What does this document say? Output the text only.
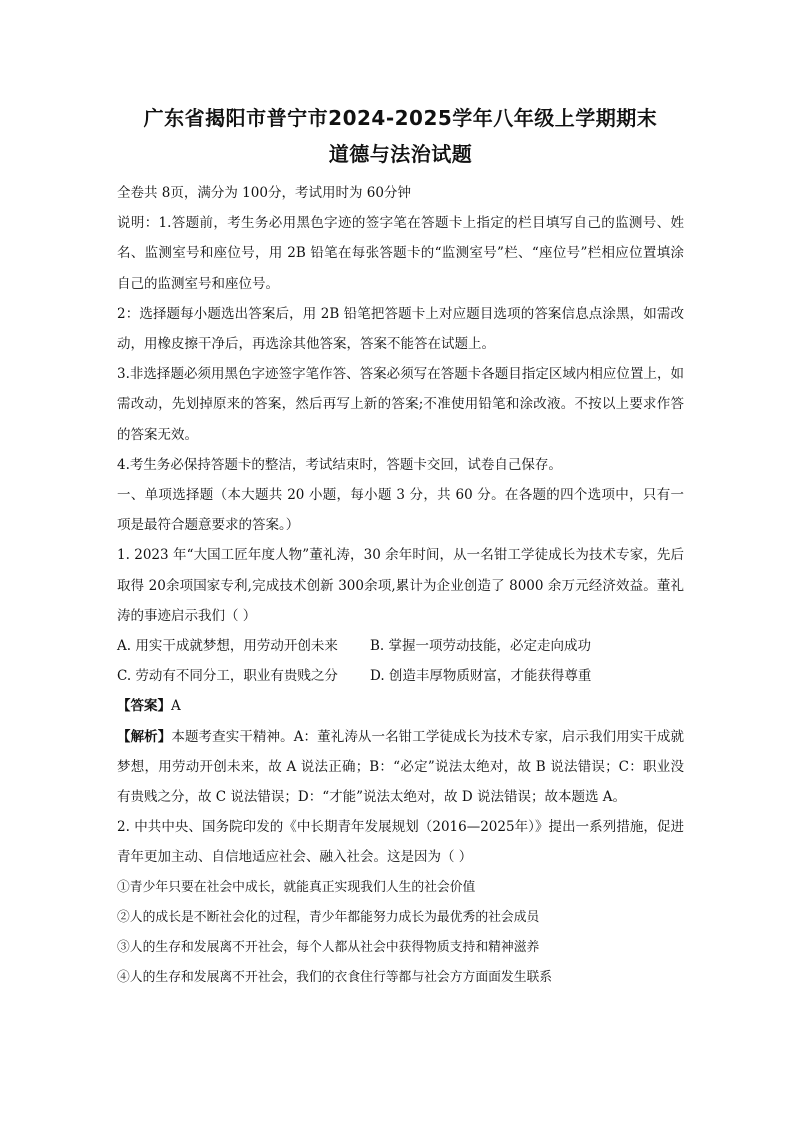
广东省揭阳市普宁市2024-2025学年八年级上学期期末
道德与法治试题

全卷共 8页，满分为 100分，考试用时为 60分钟

说明：1.答题前，考生务必用黑色字迹的签字笔在答题卡上指定的栏目填写自己的监测号、姓名、监测室号和座位号，用 2B 铅笔在每张答题卡的“监测室号”栏、“座位号”栏相应位置填涂自己的监测室号和座位号。

2：选择题每小题选出答案后，用 2B 铅笔把答题卡上对应题目选项的答案信息点涂黑，如需改动，用橡皮擦干净后，再选涂其他答案，答案不能答在试题上。

3.非选择题必须用黑色字迹签字笔作答、答案必须写在答题卡各题目指定区域内相应位置上，如需改动，先划掉原来的答案，然后再写上新的答案;不准使用铅笔和涂改液。不按以上要求作答的答案无效。

4.考生务必保持答题卡的整洁，考试结束时，答题卡交回，试卷自己保存。

一、单项选择题（本大题共 20 小题，每小题 3 分，共 60 分。在各题的四个选项中，只有一项是最符合题意要求的答案。）

1. 2023 年“大国工匠年度人物”董礼涛，30 余年时间，从一名钳工学徒成长为技术专家，先后取得 20余项国家专利,完成技术创新 300余项,累计为企业创造了 8000 余万元经济效益。董礼涛的事迹启示我们（ ）

A. 用实干成就梦想，用劳动开创未来	B. 掌握一项劳动技能，必定走向成功
C. 劳动有不同分工，职业有贵贱之分	D. 创造丰厚物质财富，才能获得尊重

【答案】A

【解析】本题考查实干精神。A：董礼涛从一名钳工学徒成长为技术专家，启示我们用实干成就梦想，用劳动开创未来，故 A 说法正确；B：“必定”说法太绝对，故 B 说法错误；C：职业没有贵贱之分，故 C 说法错误；D：“才能”说法太绝对，故 D 说法错误；故本题选 A。

2. 中共中央、国务院印发的《中长期青年发展规划（2016—2025年）》提出一系列措施，促进青年更加主动、自信地适应社会、融入社会。这是因为（ ）

①青少年只要在社会中成长，就能真正实现我们人生的社会价值

②人的成长是不断社会化的过程，青少年都能努力成长为最优秀的社会成员

③人的生存和发展离不开社会，每个人都从社会中获得物质支持和精神滋养

④人的生存和发展离不开社会，我们的衣食住行等都与社会方方面面发生联系
